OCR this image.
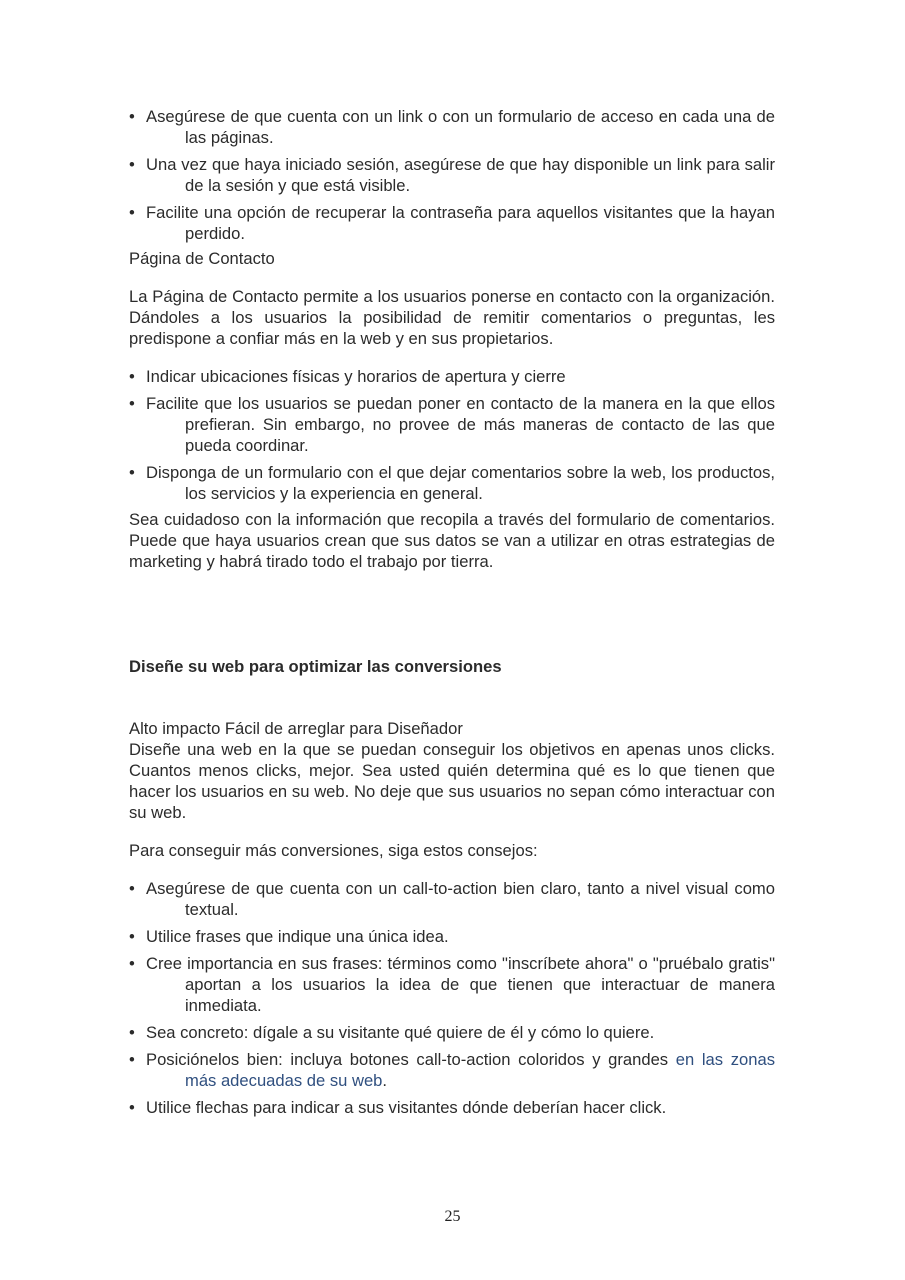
• Asegúrese de que cuenta con un link o con un formulario de acceso en cada una de las páginas.
• Una vez que haya iniciado sesión, asegúrese de que hay disponible un link para salir de la sesión y que está visible.
• Facilite una opción de recuperar la contraseña para aquellos visitantes que la hayan perdido.

Página de Contacto

La Página de Contacto permite a los usuarios ponerse en contacto con la organización. Dándoles a los usuarios la posibilidad de remitir comentarios o preguntas, les predispone a confiar más en la web y en sus propietarios.

• Indicar ubicaciones físicas y horarios de apertura y cierre
• Facilite que los usuarios se puedan poner en contacto de la manera en la que ellos prefieran. Sin embargo, no provee de más maneras de contacto de las que pueda coordinar.
• Disponga de un formulario con el que dejar comentarios sobre la web, los productos, los servicios y la experiencia en general.

Sea cuidadoso con la información que recopila a través del formulario de comentarios. Puede que haya usuarios crean que sus datos se van a utilizar en otras estrategias de marketing y habrá tirado todo el trabajo por tierra.

Diseñe su web para optimizar las conversiones

Alto impacto Fácil de arreglar para Diseñador

Diseñe una web en la que se puedan conseguir los objetivos en apenas unos clicks. Cuantos menos clicks, mejor. Sea usted quién determina qué es lo que tienen que hacer los usuarios en su web. No deje que sus usuarios no sepan cómo interactuar con su web.

Para conseguir más conversiones, siga estos consejos:

• Asegúrese de que cuenta con un call-to-action bien claro, tanto a nivel visual como textual.
• Utilice frases que indique una única idea.
• Cree importancia en sus frases: términos como "inscríbete ahora" o "pruébalo gratis" aportan a los usuarios la idea de que tienen que interactuar de manera inmediata.
• Sea concreto: dígale a su visitante qué quiere de él y cómo lo quiere.
• Posiciónelos bien: incluya botones call-to-action coloridos y grandes en las zonas más adecuadas de su web.
• Utilice flechas para indicar a sus visitantes dónde deberían hacer click.
25
